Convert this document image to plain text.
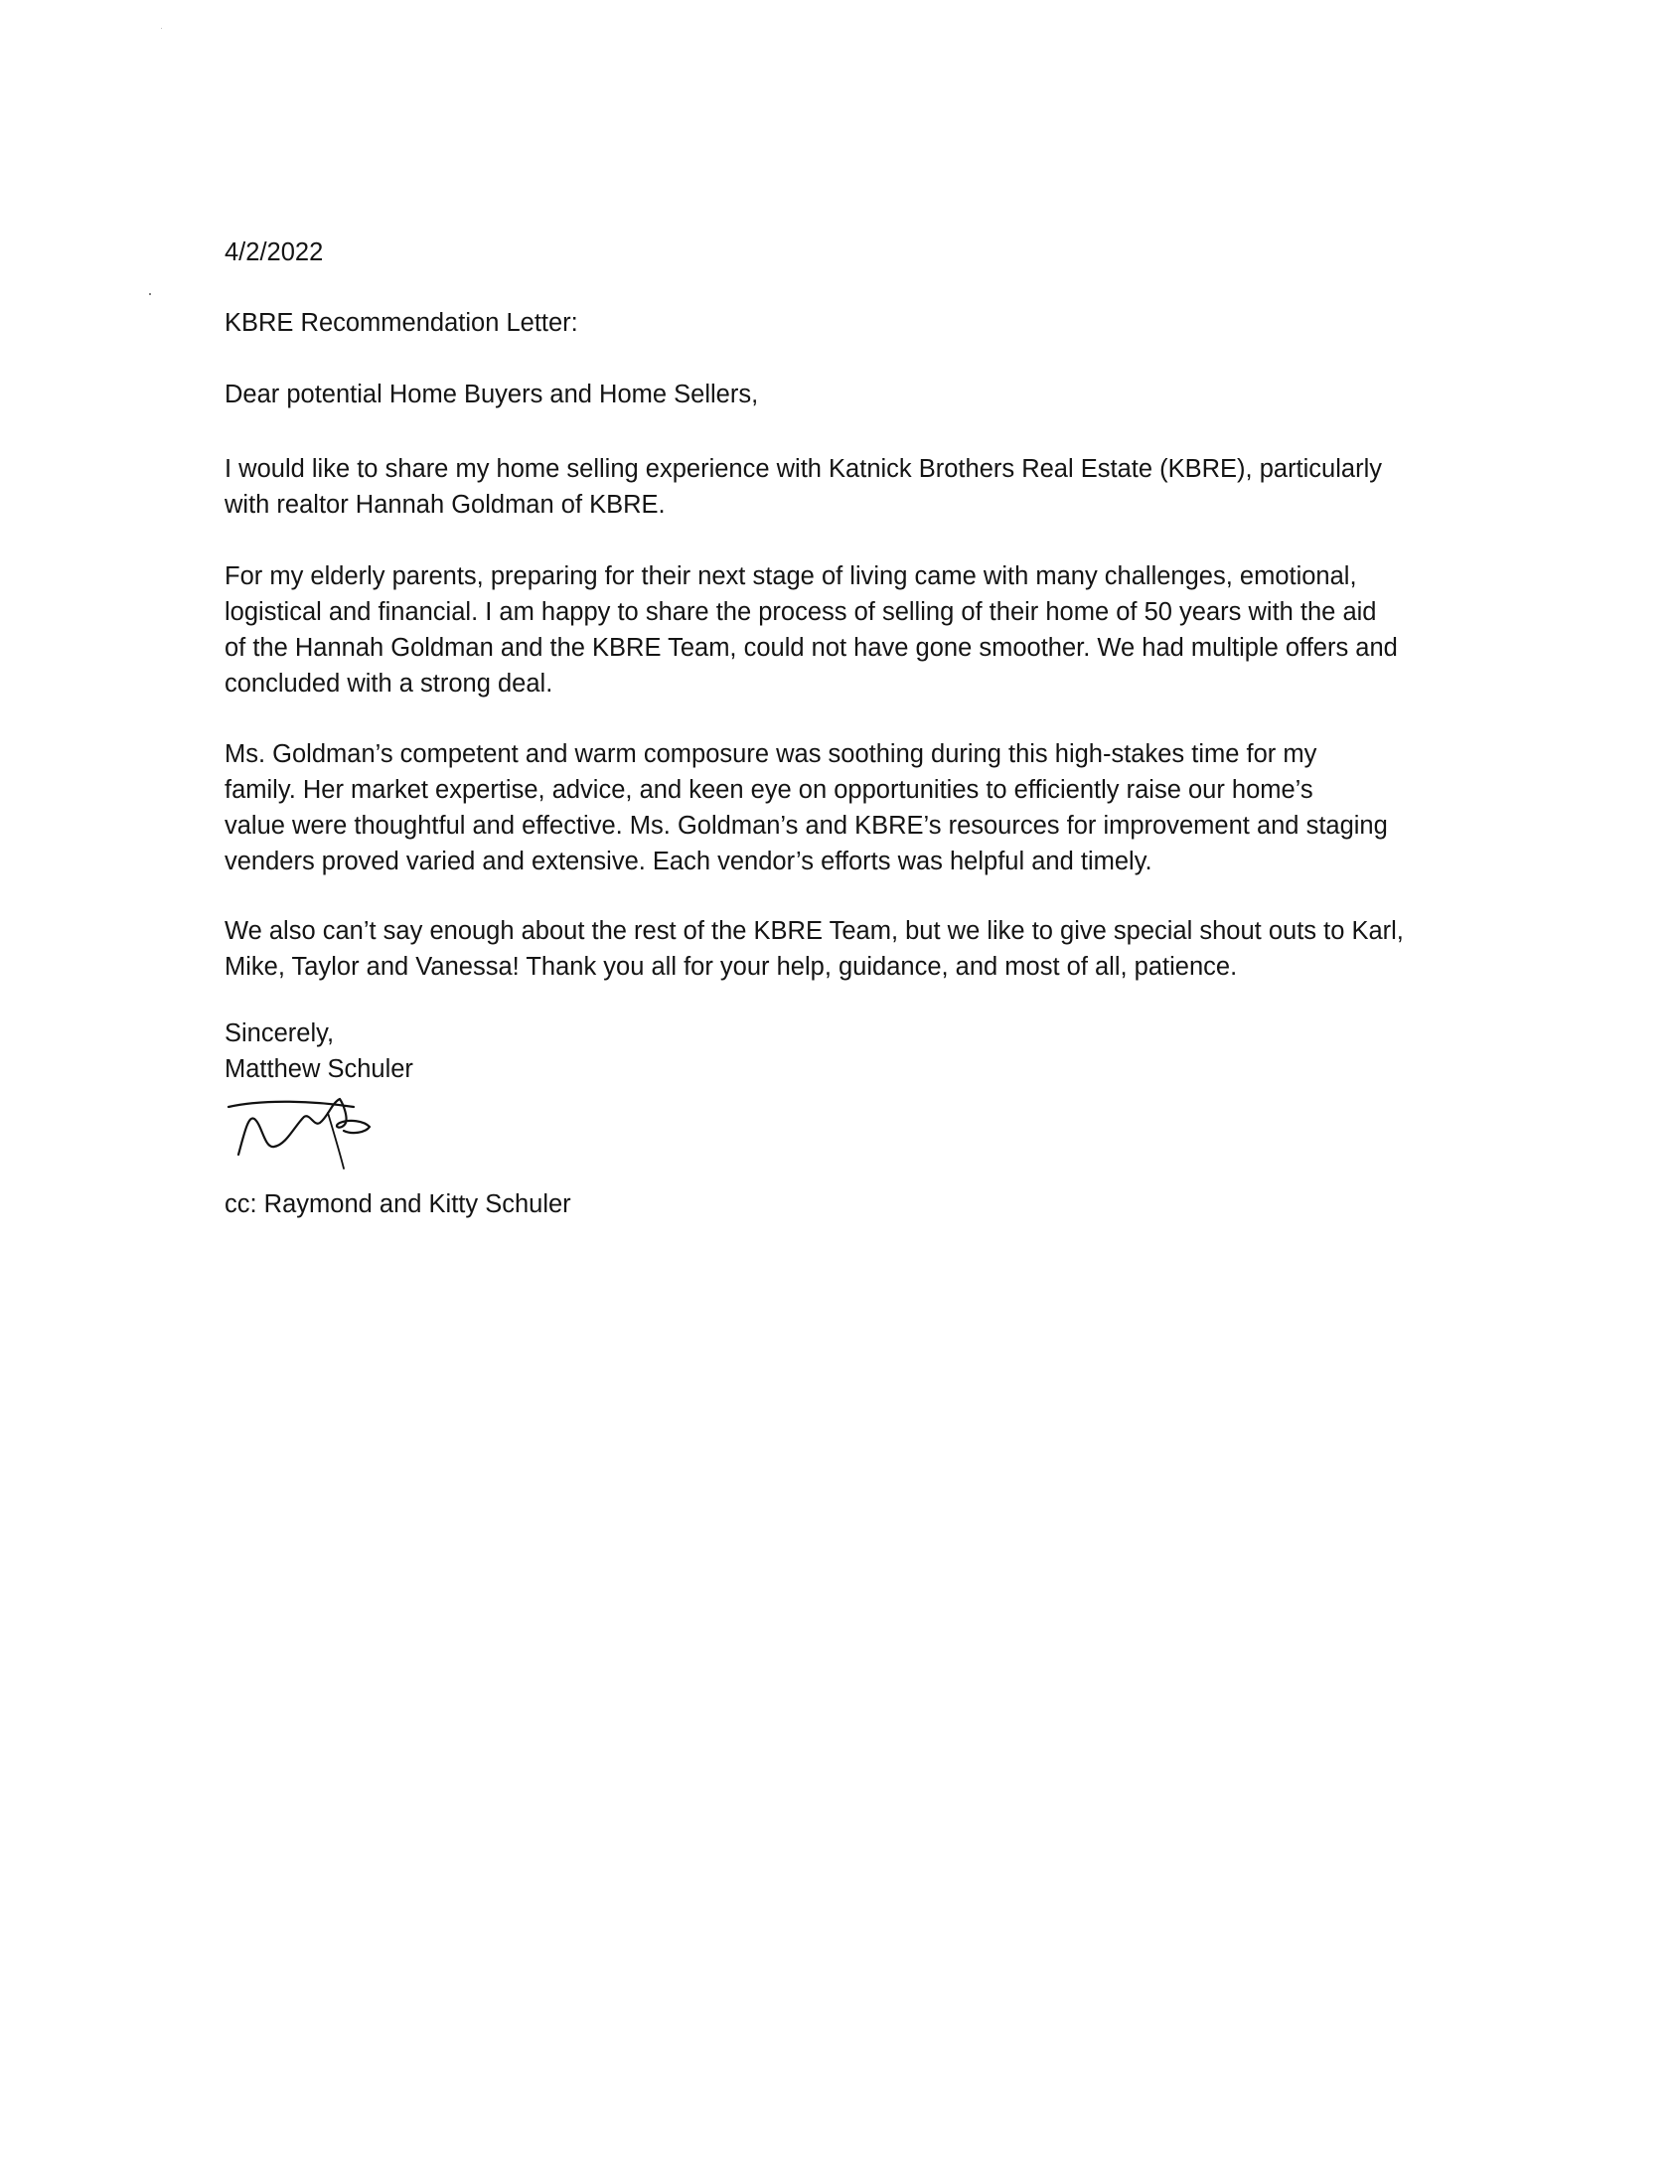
4/2/2022
KBRE Recommendation Letter:
Dear potential Home Buyers and Home Sellers,
I would like to share my home selling experience with Katnick Brothers Real Estate (KBRE), particularly
with realtor Hannah Goldman of KBRE.
For my elderly parents, preparing for their next stage of living came with many challenges, emotional,
logistical and financial. I am happy to share the process of selling of their home of 50 years with the aid
of the Hannah Goldman and the KBRE Team, could not have gone smoother. We had multiple offers and
concluded with a strong deal.
Ms. Goldman’s competent and warm composure was soothing during this high-stakes time for my
family. Her market expertise, advice, and keen eye on opportunities to efficiently raise our home’s
value were thoughtful and effective. Ms. Goldman’s and KBRE’s resources for improvement and staging
venders proved varied and extensive. Each vendor’s efforts was helpful and timely.
We also can’t say enough about the rest of the KBRE Team, but we like to give special shout outs to Karl,
Mike, Taylor and Vanessa! Thank you all for your help, guidance, and most of all, patience.
Sincerely,
Matthew Schuler
cc: Raymond and Kitty Schuler
